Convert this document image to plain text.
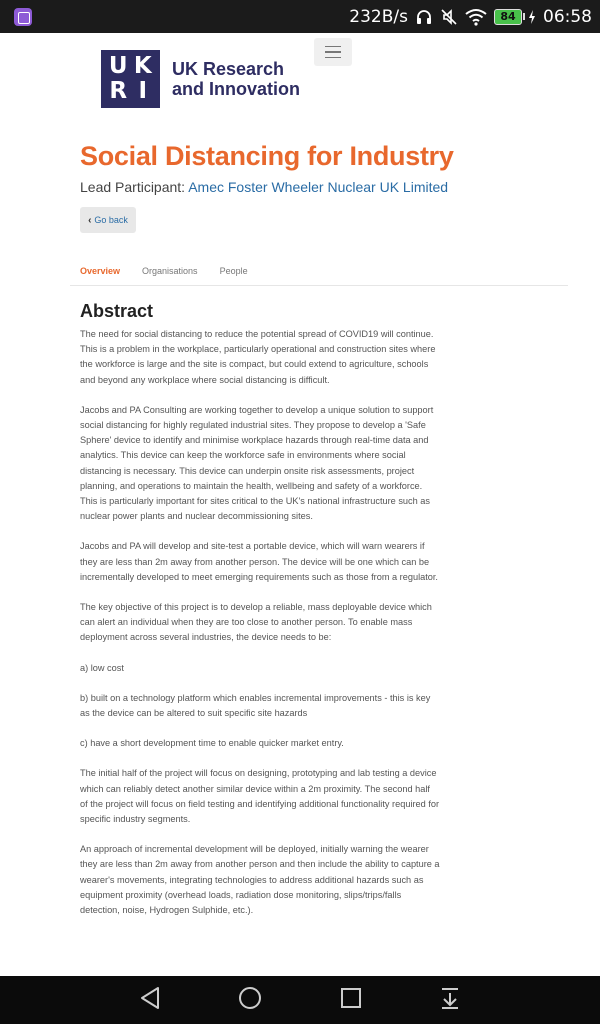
232B/s	84	06:58
U K
R I
UK Research
and Innovation
Social Distancing for Industry
Lead Participant: Amec Foster Wheeler Nuclear UK Limited
‹ Go back
Overview Organisations People
Abstract

The need for social distancing to reduce the potential spread of COVID19 will continue. This is a problem in the workplace, particularly operational and construction sites where the workforce is large and the site is compact, but could extend to agriculture, schools and beyond any workplace where social distancing is difficult.

Jacobs and PA Consulting are working together to develop a unique solution to support social distancing for highly regulated industrial sites. They propose to develop a 'Safe Sphere' device to identify and minimise workplace hazards through real-time data and analytics. This device can keep the workforce safe in environments where social distancing is necessary. This device can underpin onsite risk assessments, project planning, and operations to maintain the health, wellbeing and safety of a workforce. This is particularly important for sites critical to the UK's national infrastructure such as nuclear power plants and nuclear decommissioning sites.

Jacobs and PA will develop and site-test a portable device, which will warn wearers if they are less than 2m away from another person. The device will be one which can be incrementally developed to meet emerging requirements such as those from a regulator.

The key objective of this project is to develop a reliable, mass deployable device which can alert an individual when they are too close to another person. To enable mass deployment across several industries, the device needs to be:

a) low cost

b) built on a technology platform which enables incremental improvements - this is key as the device can be altered to suit specific site hazards

c) have a short development time to enable quicker market entry.

The initial half of the project will focus on designing, prototyping and lab testing a device which can reliably detect another similar device within a 2m proximity. The second half of the project will focus on field testing and identifying additional functionality required for specific industry segments.

An approach of incremental development will be deployed, initially warning the wearer they are less than 2m away from another person and then include the ability to capture a wearer's movements, integrating technologies to address additional hazards such as equipment proximity (overhead loads, radiation dose monitoring, slips/trips/falls detection, noise, Hydrogen Sulphide, etc.).
